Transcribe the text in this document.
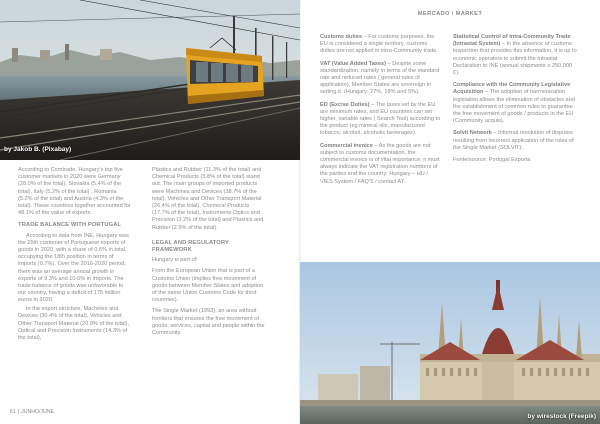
by Jakob B. (Pixabay)

According to Comtrade, Hungary's top five customer markets in 2020 were Germany (28.0% of the total), Slovakia (5.4% of the total), Italy (5.2% of the total) , Romania (5.2% of the total) and Austria (4.3% of the total). These countries together accounted for 48.1% of the value of exports.

TRADE BALANCE WITH PORTUGAL

According to data from INE, Hungary was the 25th customer of Portuguese exports of goods in 2020, with a share of 0.6% in total, occupying the 18th position in terms of imports (0.7%). Over the 2016-2020 period, there was an average annual growth in exports of 9.3% and 10.6% in imports. The trade balance of goods was unfavorable to our country, having a deficit of 175 million euros in 2020.

In the export structure, Machines and Devices (30.4% of the total), Vehicles and Other Transport Material (20.9% of the total), Optical and Precision Instruments (14.3% of the total),

Plastics and Rubber (11.3% of the total) and Chemical Products (5.8% of the total) stand out. The main groups of imported products were Machines and Devices (38.7% of the total), Vehicles and Other Transport Material (26.4% of the total), Chemical Products (17.7% of the total), Instruments Optics and Precision (3.2% of the total) and Plastics and Rubber (2.9% of the total).

LEGAL AND REGULATORY FRAMEWORK

Hungary is part of:

From the European Union that is part of a Customs Union (implies free movement of goods between Member States and adoption of the same Union Customs Code for third countries).

The Single Market (1993), an area without frontiers that ensures the free movement of goods, services, capital and people within the Community.

51 | JUNHO/JUNE
MERCADO / MARKET

Customs duties – For customs purposes, the EU is considered a single territory, customs duties are not applied in intra-Community trade.

VAT (Value Added Taxes) – Despite some standardization, namely in terms of the standard rate and reduced rates ( general rules of application), Member States are sovereign in setting it. (Hungary: 27%, 18% and 5%).

ED (Excise Duties) – The taxes set by the EU are minimum rates, and EU countries can set higher, variable rates ( Search Tool) according to the product (eg mineral oils, manufactured tobacco, alcohol, alcoholic beverages).

Commercial invoice – As the goods are not subject to customs documentation, the commercial invoice is of vital importance; it must always indicate the VAT registration numbers of the parties and the country; Hungary – HU / VIES System / FAQ'S / contact AT.

Statistical Control of Intra-Community Trade (Intrastat System) – In the absence of customs inspection that provides this information, it is up to economic operators to submit the Intrastat Declaration to INE (annual shipments ≥ 250,000 €).

Compliance with the Community Legislative Acquisition – The adoption of harmonization legislation allows the elimination of obstacles and the establishment of common rules to guarantee the free movement of goods / products in the EU (Community acquis).

Solvit Network – Informal resolution of disputes resulting from incorrect application of the rules of the Single Market (SOLVIT).

Fonte/source: Portugal Exporta

by wirestock (Freepik)
